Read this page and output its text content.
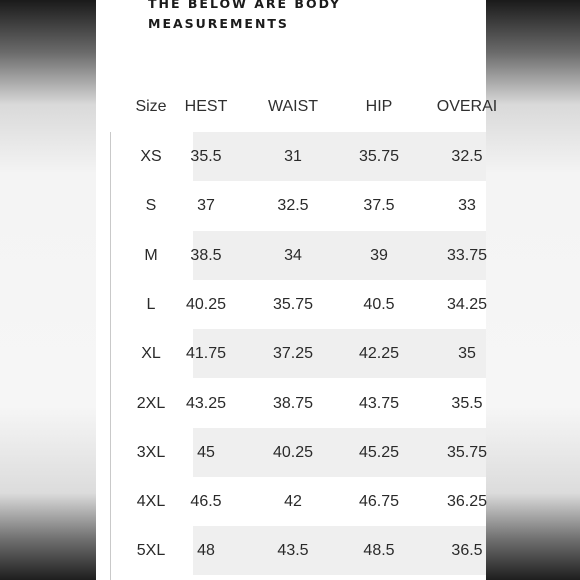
THE BELOW ARE BODY
MEASUREMENTS
Size HEST	WAIST	HIP	OVERAI
XS 35.5	31	35.75	32.5
S	37	32.5	37.5	33
M 38.5	34	39	33.75
L 40.25	35.75	40.5	34.25
XL 41.75	37.25	42.25	35
2XL 43.25	38.75	43.75	35.5
3XL 45	40.25	45.25	35.75
4XL 46.5	42	46.75	36.25
5XL 48	43.5	48.5	36.5
